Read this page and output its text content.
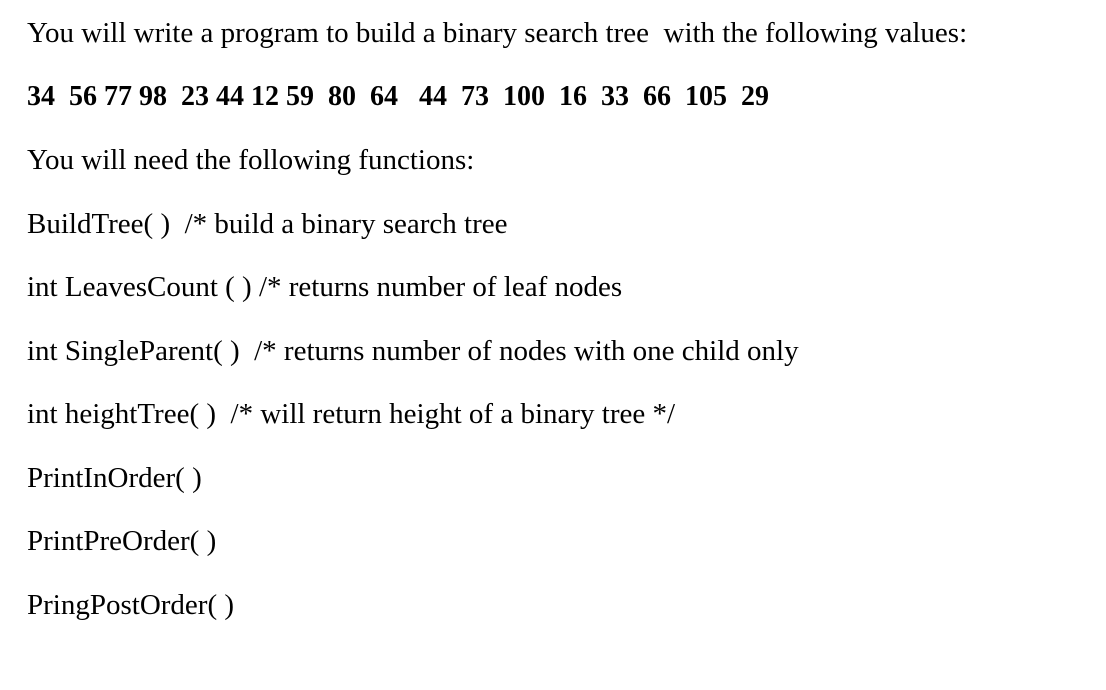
You will write a program to build a binary search tree  with the following values:
34  56 77 98  23 44 12 59  80  64   44  73  100  16  33  66  105  29
You will need the following functions:
BuildTree( )  /* build a binary search tree
int LeavesCount ( ) /* returns number of leaf nodes
int SingleParent( )  /* returns number of nodes with one child only
int heightTree( )  /* will return height of a binary tree */
PrintInOrder( )
PrintPreOrder( )
PringPostOrder( )
